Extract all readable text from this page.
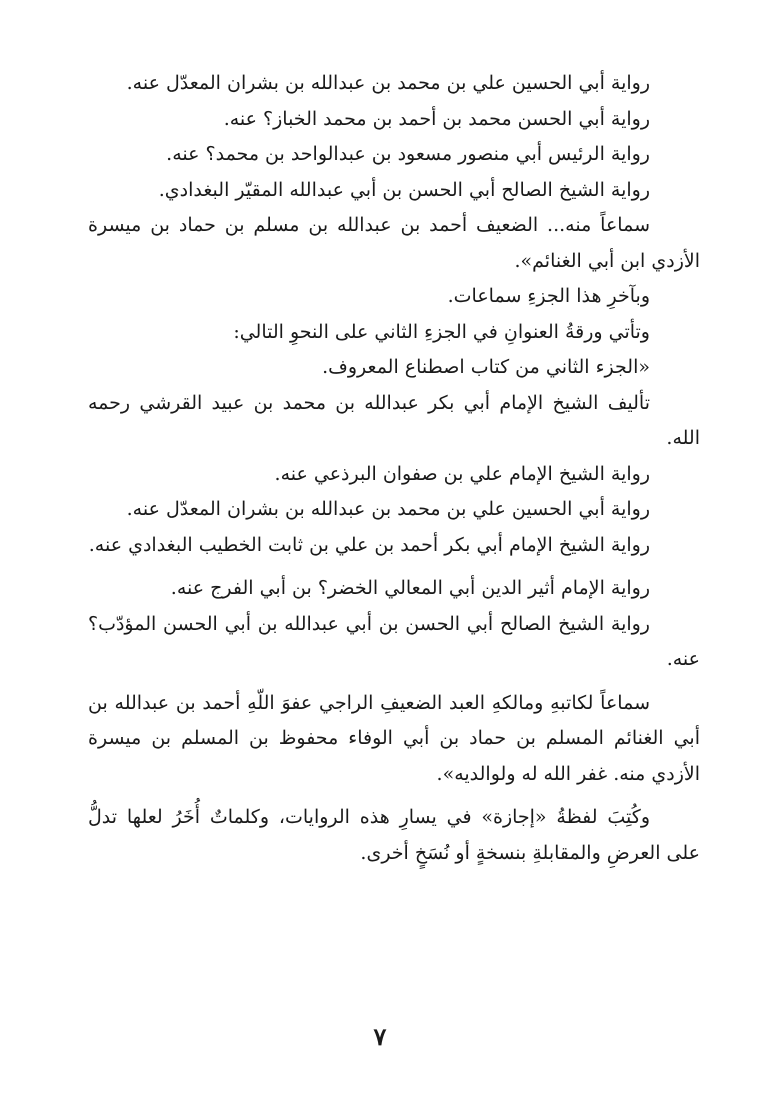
رواية أبي الحسين علي بن محمد بن عبدالله بن بشران المعدّل عنه.

رواية أبي الحسن محمد بن أحمد بن محمد الخباز؟ عنه.

رواية الرئيس أبي منصور مسعود بن عبدالواحد بن محمد؟ عنه.

رواية الشيخ الصالح أبي الحسن بن أبي عبدالله المقيّر البغدادي.

سماعاً منه... الضعيف أحمد بن عبدالله بن مسلم بن حماد بن ميسرة الأزدي ابن أبي الغنائم».

وبآخرِ هذا الجزءِ سماعات.

وتأتي ورقةُ العنوانِ في الجزءِ الثاني على النحوِ التالي:

«الجزء الثاني من كتاب اصطناع المعروف.

تأليف الشيخ الإمام أبي بكر عبدالله بن محمد بن عبيد القرشي رحمه الله.

رواية الشيخ الإمام علي بن صفوان البرذعي عنه.

رواية أبي الحسين علي بن محمد بن عبدالله بن بشران المعدّل عنه.

رواية الشيخ الإمام أبي بكر أحمد بن علي بن ثابت الخطيب البغدادي عنه.

رواية الإمام أثير الدين أبي المعالي الخضر؟ بن أبي الفرج عنه.

رواية الشيخ الصالح أبي الحسن بن أبي عبدالله بن أبي الحسن المؤدّب؟ عنه.

سماعاً لكاتبهِ ومالكهِ العبد الضعيفِ الراجي عفوَ اللّهِ أحمد بن عبدالله بن أبي الغنائم المسلم بن حماد بن أبي الوفاء محفوظ بن المسلم بن ميسرة الأزدي منه. غفر الله له ولوالديه».

وكُتِبَ لفظةُ «إجازة» في يسارِ هذه الروايات، وكلماتٌ أُخَرُ لعلها تدلُّ على العرضِ والمقابلةِ بنسخةٍ أو نُسَخٍ أخرى.

٧
